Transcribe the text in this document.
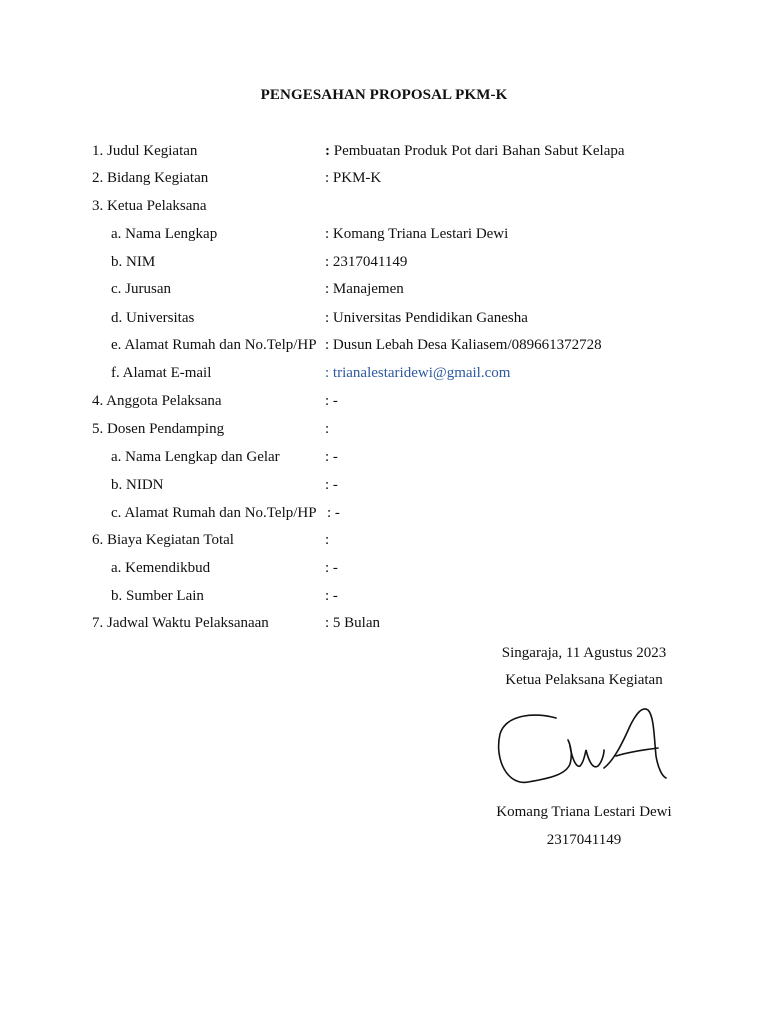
PENGESAHAN PROPOSAL PKM-K
1. Judul Kegiatan	: Pembuatan Produk Pot dari Bahan Sabut Kelapa
2. Bidang Kegiatan	: PKM-K
3. Ketua Pelaksana
a. Nama Lengkap	: Komang Triana Lestari Dewi
b. NIM	: 2317041149
c. Jurusan	: Manajemen
d. Universitas	: Universitas Pendidikan Ganesha
e. Alamat Rumah dan No.Telp/HP : Dusun Lebah Desa Kaliasem/089661372728
f. Alamat E-mail	: trianalestaridewi@gmail.com
4. Anggota Pelaksana	: -
5. Dosen Pendamping	:
a. Nama Lengkap dan Gelar	: -
b. NIDN	: -
c. Alamat Rumah dan No.Telp/HP : -
6. Biaya Kegiatan Total	:
a. Kemendikbud	: -
b. Sumber Lain	: -
7. Jadwal Waktu Pelaksanaan	: 5 Bulan
Singaraja, 11 Agustus 2023
Ketua Pelaksana Kegiatan
Komang Triana Lestari Dewi
2317041149
